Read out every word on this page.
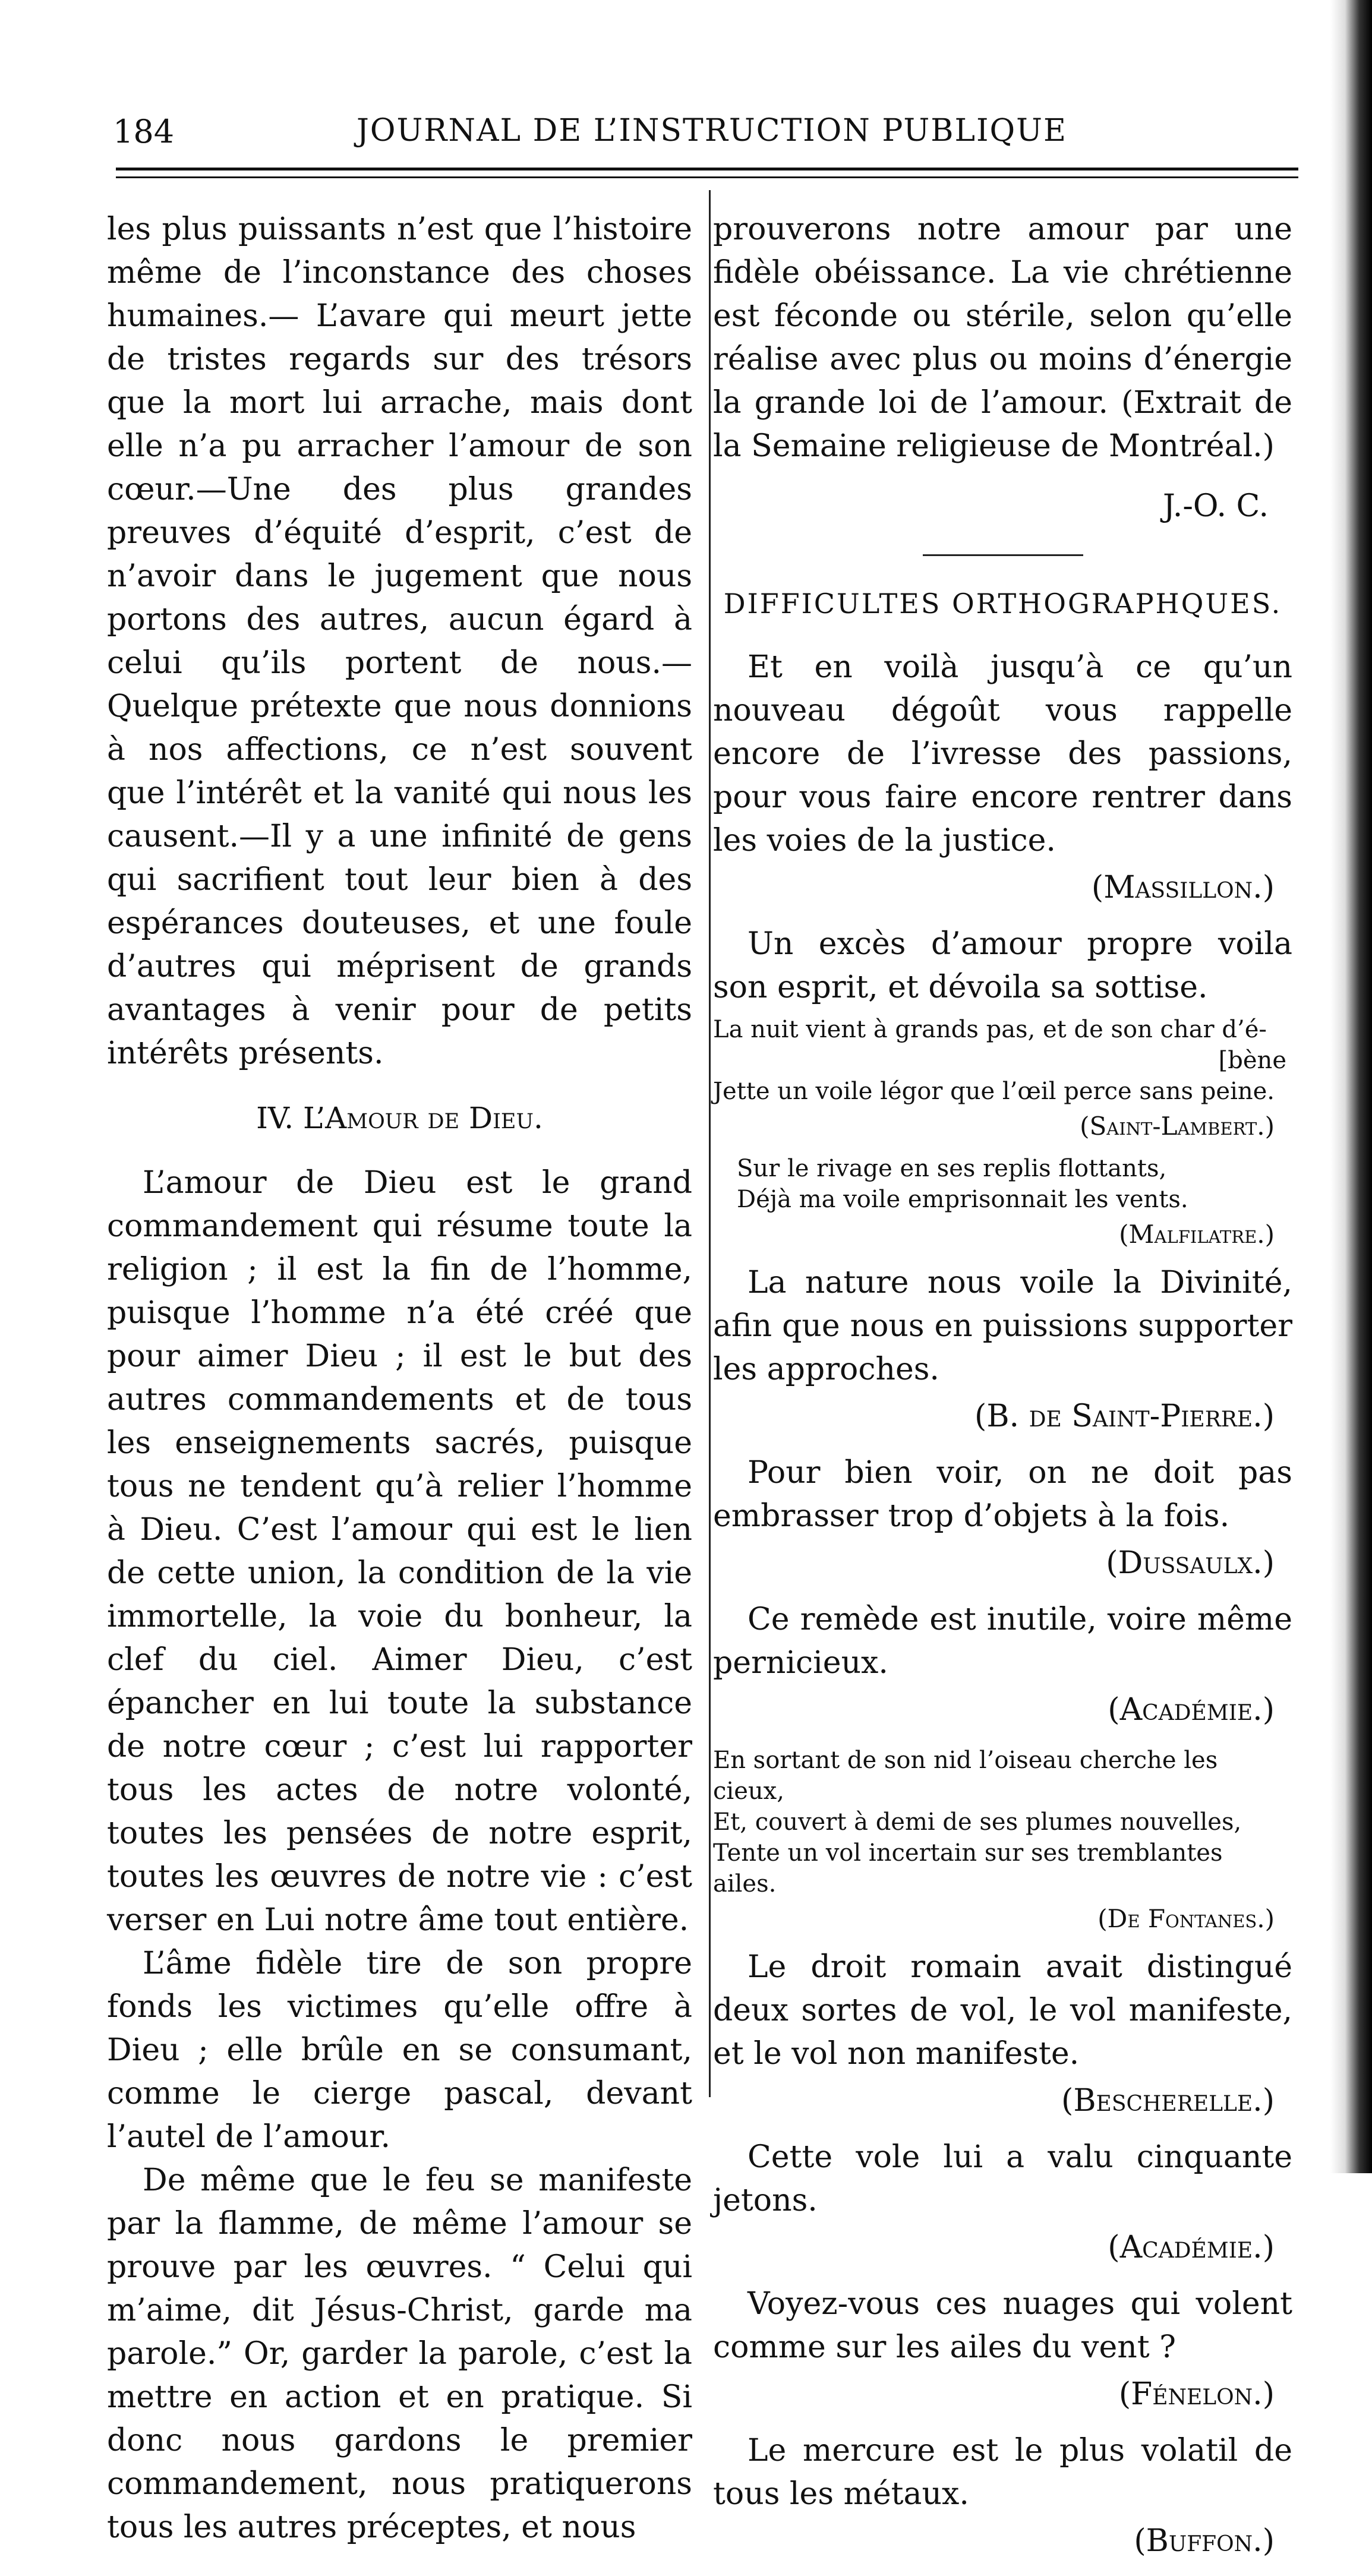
184	JOURNAL DE L’INSTRUCTION PUBLIQUE

les plus puissants n’est que l’histoire même de l’inconstance des choses humaines.— L’avare qui meurt jette de tristes regards sur des trésors que la mort lui arrache, mais dont elle n’a pu arracher l’amour de son cœur.—Une des plus grandes preuves d’équité d’esprit, c’est de n’avoir dans le jugement que nous portons des autres, aucun égard à celui qu’ils portent de nous.—Quelque prétexte que nous donnions à nos affections, ce n’est souvent que l’intérêt et la vanité qui nous les causent.—Il y a une infinité de gens qui sacrifient tout leur bien à des espérances douteuses, et une foule d’autres qui méprisent de grands avantages à venir pour de petits intérêts présents.

IV. L’Amour de Dieu.

L’amour de Dieu est le grand commandement qui résume toute la religion ; il est la fin de l’homme, puisque l’homme n’a été créé que pour aimer Dieu ; il est le but des autres commandements et de tous les enseignements sacrés, puisque tous ne tendent qu’à relier l’homme à Dieu. C’est l’amour qui est le lien de cette union, la condition de la vie immortelle, la voie du bonheur, la clef du ciel. Aimer Dieu, c’est épancher en lui toute la substance de notre cœur ; c’est lui rapporter tous les actes de notre volonté, toutes les pensées de notre esprit, toutes les œuvres de notre vie : c’est verser en Lui notre âme tout entière.

L’âme fidèle tire de son propre fonds les victimes qu’elle offre à Dieu ; elle brûle en se consumant, comme le cierge pascal, devant l’autel de l’amour.

De même que le feu se manifeste par la flamme, de même l’amour se prouve par les œuvres. “ Celui qui m’aime, dit Jésus-Christ, garde ma parole.” Or, garder la parole, c’est la mettre en action et en pratique. Si donc nous gardons le premier commandement, nous pratiquerons tous les autres préceptes, et nous

prouverons notre amour par une fidèle obéissance. La vie chrétienne est féconde ou stérile, selon qu’elle réalise avec plus ou moins d’énergie la grande loi de l’amour. (Extrait de la Semaine religieuse de Montréal.)

J.-O. C.
DIFFICULTES ORTHOGRAPHQUES.

Et en voilà jusqu’à ce qu’un nouveau dégoût vous rappelle encore de l’ivresse des passions, pour vous faire encore rentrer dans les voies de la justice.

(Massillon.)

Un excès d’amour propre voila son esprit, et dévoila sa sottise.

La nuit vient à grands pas, et de son char d’é-
[bène
Jette un voile légor que l’œil perce sans peine.
(Saint-Lambert.)
Sur le rivage en ses replis flottants,
Déjà ma voile emprisonnait les vents.
(Malfilatre.)

La nature nous voile la Divinité, afin que nous en puissions supporter les approches.

(B. de Saint-Pierre.)

Pour bien voir, on ne doit pas embrasser trop d’objets à la fois.

(Dussaulx.)

Ce remède est inutile, voire même pernicieux.

(Académie.)
En sortant de son nid l’oiseau cherche les cieux,
Et, couvert à demi de ses plumes nouvelles,
Tente un vol incertain sur ses tremblantes ailes.
(De Fontanes.)

Le droit romain avait distingué deux sortes de vol, le vol manifeste, et le vol non manifeste.

(Bescherelle.)

Cette vole lui a valu cinquante jetons.

(Académie.)

Voyez-vous ces nuages qui volent comme sur les ailes du vent ?

(Fénelon.)

Le mercure est le plus volatil de tous les métaux.

(Buffon.)
